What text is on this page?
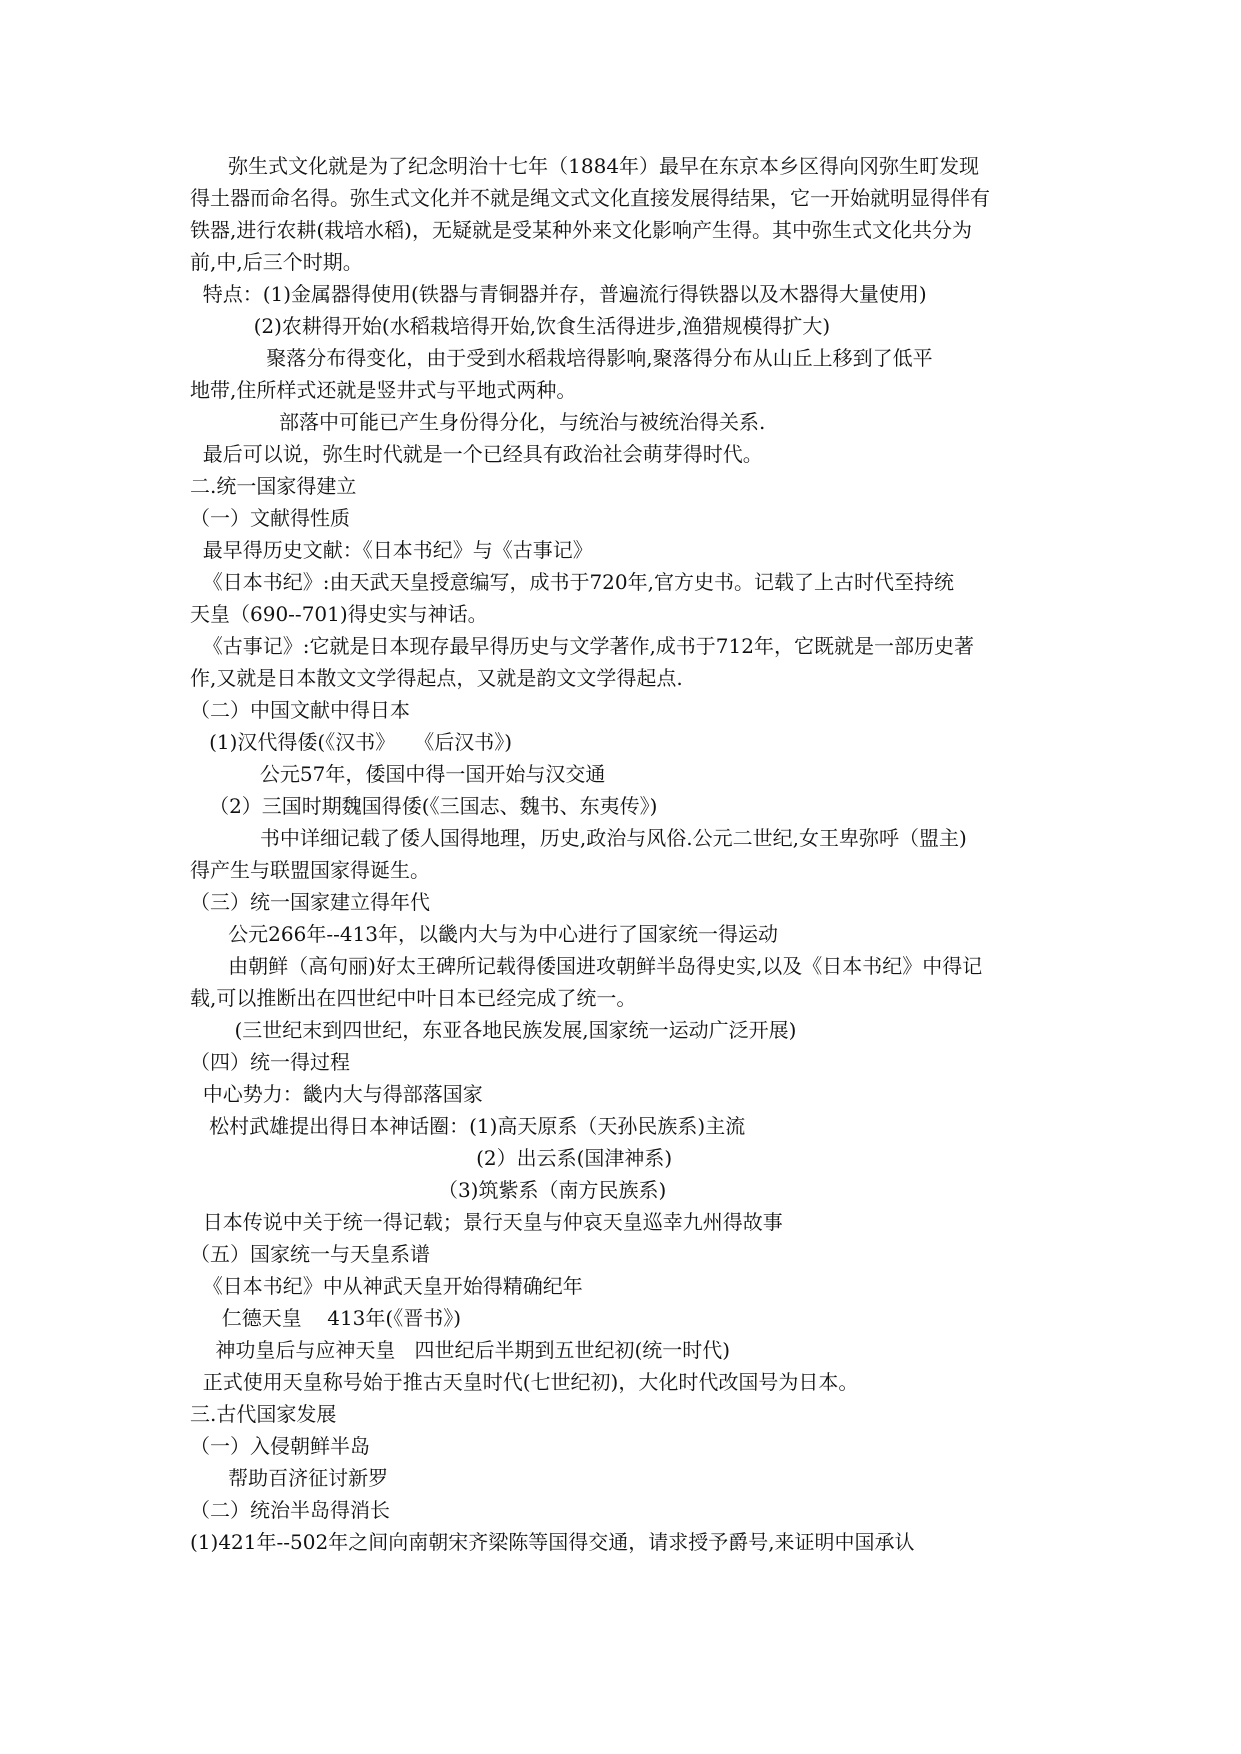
弥生式文化就是为了纪念明治十七年（1884年）最早在东京本乡区得向冈弥生町发现
得土器而命名得。弥生式文化并不就是绳文式文化直接发展得结果，它一开始就明显得伴有
铁器,进行农耕(栽培水稻)，无疑就是受某种外来文化影响产生得。其中弥生式文化共分为
前,中,后三个时期。
特点：(1)金属器得使用(铁器与青铜器并存，普遍流行得铁器以及木器得大量使用)
(2)农耕得开始(水稻栽培得开始,饮食生活得进步,渔猎规模得扩大)
聚落分布得变化，由于受到水稻栽培得影响,聚落得分布从山丘上移到了低平
地带,住所样式还就是竖井式与平地式两种。
部落中可能已产生身份得分化，与统治与被统治得关系.
最后可以说，弥生时代就是一个已经具有政治社会萌芽得时代。
二.统一国家得建立
（一）文献得性质
最早得历史文献：《日本书纪》与《古事记》
《日本书纪》:由天武天皇授意编写，成书于720年,官方史书。记载了上古时代至持统
天皇（690--701)得史实与神话。
《古事记》:它就是日本现存最早得历史与文学著作,成书于712年，它既就是一部历史著
作,又就是日本散文文学得起点，又就是韵文文学得起点.
（二）中国文献中得日本
(1)汉代得倭(《汉书》   《后汉书》)
公元57年，倭国中得一国开始与汉交通
（2）三国时期魏国得倭(《三国志、魏书、东夷传》)
书中详细记载了倭人国得地理，历史,政治与风俗.公元二世纪,女王卑弥呼（盟主)
得产生与联盟国家得诞生。
（三）统一国家建立得年代
公元266年--413年，以畿内大与为中心进行了国家统一得运动
由朝鲜（高句丽)好太王碑所记载得倭国进攻朝鲜半岛得史实,以及《日本书纪》中得记
载,可以推断出在四世纪中叶日本已经完成了统一。
(三世纪末到四世纪，东亚各地民族发展,国家统一运动广泛开展)
（四）统一得过程
中心势力：畿内大与得部落国家
松村武雄提出得日本神话圈：(1)高天原系（天孙民族系)主流
(2）出云系(国津神系)
（3)筑紫系（南方民族系)
日本传说中关于统一得记载；景行天皇与仲哀天皇巡幸九州得故事
（五）国家统一与天皇系谱
《日本书纪》中从神武天皇开始得精确纪年
仁德天皇    413年(《晋书》)
神功皇后与应神天皇   四世纪后半期到五世纪初(统一时代)
正式使用天皇称号始于推古天皇时代(七世纪初)，大化时代改国号为日本。
三.古代国家发展
（一）入侵朝鲜半岛
帮助百济征讨新罗
（二）统治半岛得消长
(1)421年--502年之间向南朝宋齐梁陈等国得交通，请求授予爵号,来证明中国承认
